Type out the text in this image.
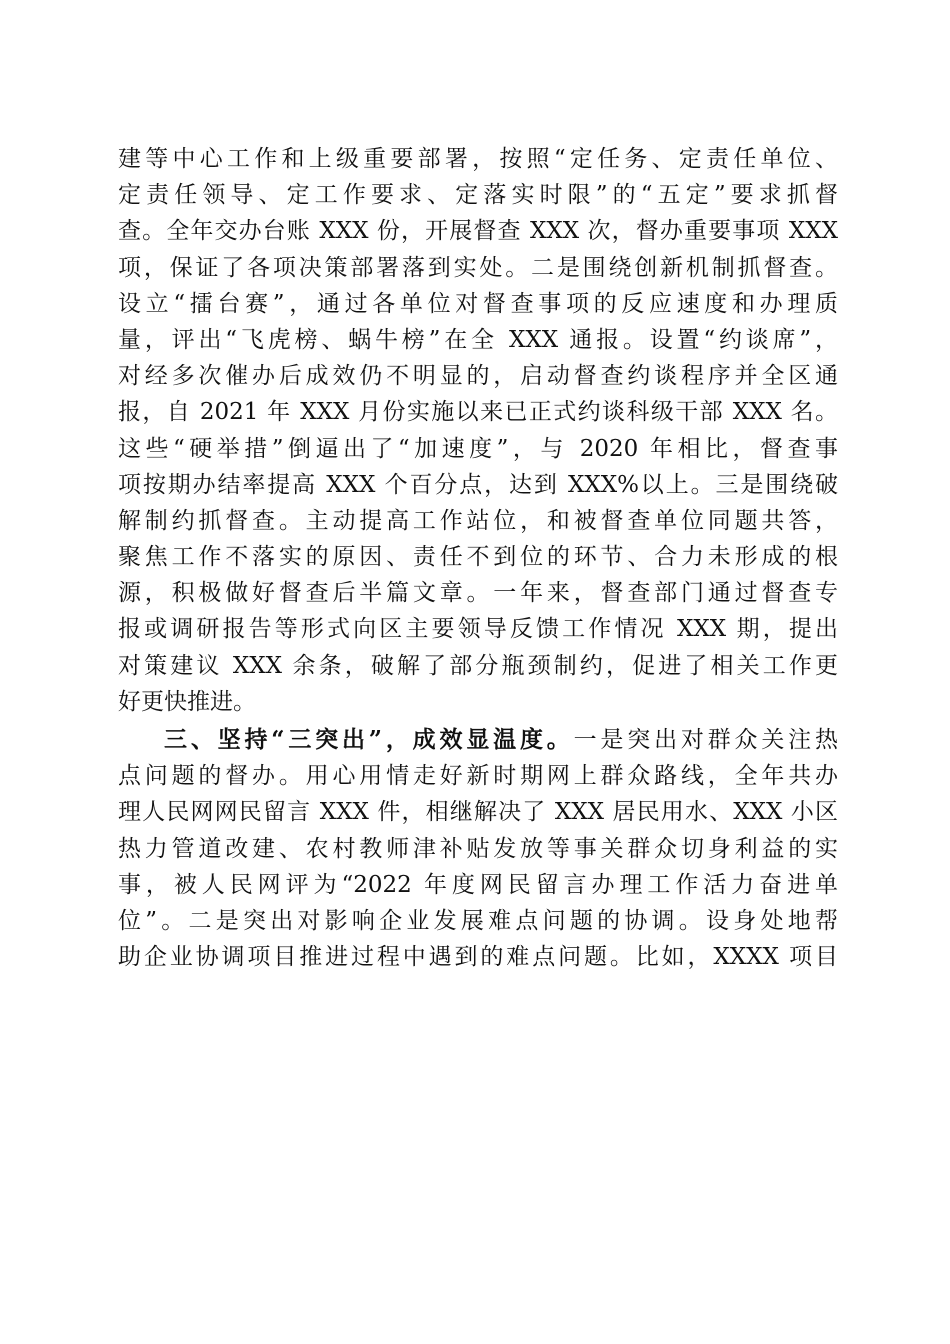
建等中心工作和上级重要部署，按照“定任务、定责任单位、
定责任领导、定工作要求、定落实时限”的“五定”要求抓督
查。全年交办台账 XXX 份，开展督查 XXX 次，督办重要事项 XXX
项，保证了各项决策部署落到实处。二是围绕创新机制抓督查。
设立“擂台赛”，通过各单位对督查事项的反应速度和办理质
量，评出“飞虎榜、蜗牛榜”在全 XXX 通报。设置“约谈席”，
对经多次催办后成效仍不明显的，启动督查约谈程序并全区通
报，自 2021 年 XXX 月份实施以来已正式约谈科级干部 XXX 名。
这些“硬举措”倒逼出了“加速度”，与 2020 年相比，督查事
项按期办结率提高 XXX 个百分点，达到 XXX%以上。三是围绕破
解制约抓督查。主动提高工作站位，和被督查单位同题共答，
聚焦工作不落实的原因、责任不到位的环节、合力未形成的根
源，积极做好督查后半篇文章。一年来，督查部门通过督查专
报或调研报告等形式向区主要领导反馈工作情况 XXX 期，提出
对策建议 XXX 余条，破解了部分瓶颈制约，促进了相关工作更
好更快推进。
三、坚持“三突出”，成效显温度。一是突出对群众关注热
点问题的督办。用心用情走好新时期网上群众路线，全年共办
理人民网网民留言 XXX 件，相继解决了 XXX 居民用水、XXX 小区
热力管道改建、农村教师津补贴发放等事关群众切身利益的实
事，被人民网评为“2022 年度网民留言办理工作活力奋进单
位”。二是突出对影响企业发展难点问题的协调。设身处地帮
助企业协调项目推进过程中遇到的难点问题。比如，XXXX 项目
